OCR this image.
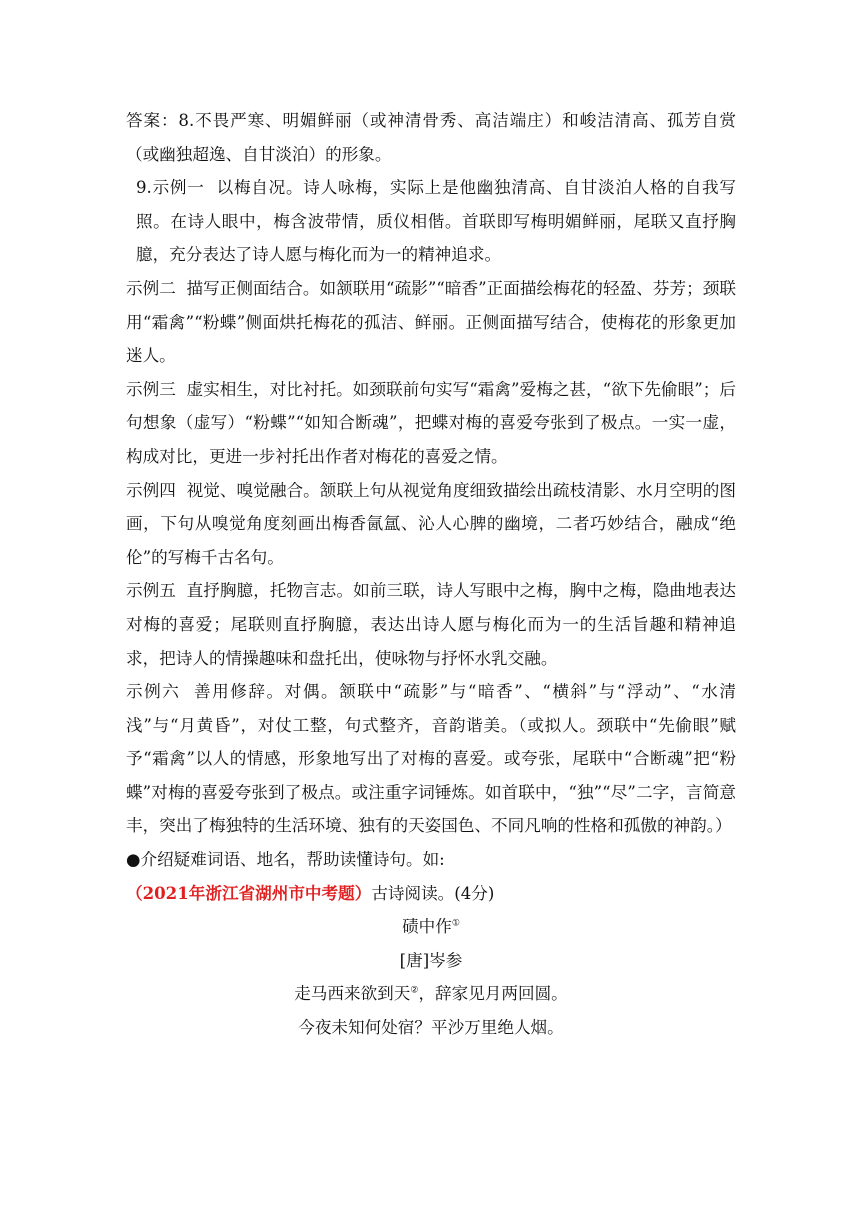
答案：8.不畏严寒、明媚鲜丽（或神清骨秀、高洁端庄）和峻洁清高、孤芳自赏（或幽独超逸、自甘淡泊）的形象。

9.示例一  以梅自况。诗人咏梅，实际上是他幽独清高、自甘淡泊人格的自我写照。在诗人眼中，梅含波带情，质仪相偕。首联即写梅明媚鲜丽，尾联又直抒胸臆，充分表达了诗人愿与梅化而为一的精神追求。

示例二  描写正侧面结合。如颔联用“疏影”“暗香”正面描绘梅花的轻盈、芬芳；颈联用“霜禽”“粉蝶”侧面烘托梅花的孤洁、鲜丽。正侧面描写结合，使梅花的形象更加迷人。

示例三  虚实相生，对比衬托。如颈联前句实写“霜禽”爱梅之甚，“欲下先偷眼”；后句想象（虚写）“粉蝶”“如知合断魂”，把蝶对梅的喜爱夸张到了极点。一实一虚，构成对比，更进一步衬托出作者对梅花的喜爱之情。

示例四  视觉、嗅觉融合。颔联上句从视觉角度细致描绘出疏枝清影、水月空明的图画，下句从嗅觉角度刻画出梅香氤氲、沁人心脾的幽境，二者巧妙结合，融成“绝伦”的写梅千古名句。

示例五  直抒胸臆，托物言志。如前三联，诗人写眼中之梅，胸中之梅，隐曲地表达对梅的喜爱；尾联则直抒胸臆，表达出诗人愿与梅化而为一的生活旨趣和精神追求，把诗人的情操趣味和盘托出，使咏物与抒怀水乳交融。

示例六  善用修辞。对偶。颔联中“疏影”与“暗香”、“横斜”与“浮动”、“水清浅”与“月黄昏”，对仗工整，句式整齐，音韵谐美。（或拟人。颈联中“先偷眼”赋予“霜禽”以人的情感，形象地写出了对梅的喜爱。或夸张，尾联中“合断魂”把“粉蝶”对梅的喜爱夸张到了极点。或注重字词锤炼。如首联中，“独”“尽”二字，言简意丰，突出了梅独特的生活环境、独有的天姿国色、不同凡响的性格和孤傲的神韵。）

●介绍疑难词语、地名，帮助读懂诗句。如:

（2021年浙江省湖州市中考题）古诗阅读。(4分)

碛中作①

[唐]岑参

走马西来欲到天②，辞家见月两回圆。

今夜未知何处宿？平沙万里绝人烟。
